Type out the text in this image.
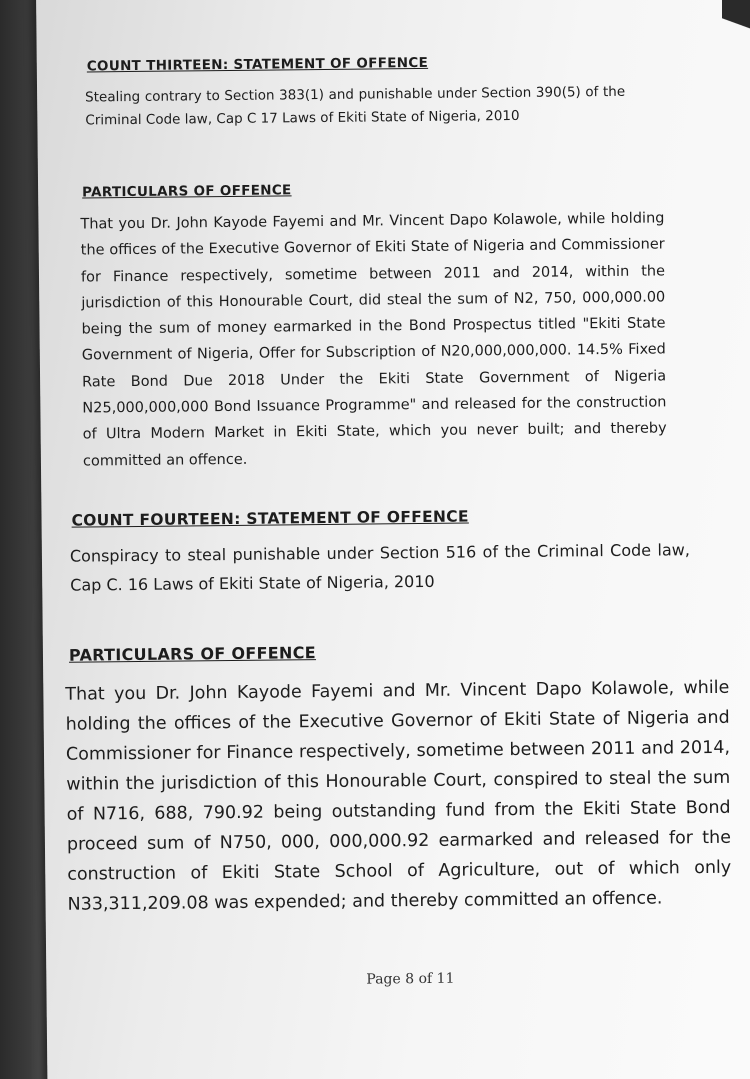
COUNT THIRTEEN: STATEMENT OF OFFENCE
Stealing contrary to Section 383(1) and punishable under Section 390(5) of the Criminal Code law, Cap C 17 Laws of Ekiti State of Nigeria, 2010
PARTICULARS OF OFFENCE
That you Dr. John Kayode Fayemi and Mr. Vincent Dapo Kolawole, while holding the offices of the Executive Governor of Ekiti State of Nigeria and Commissioner for Finance respectively, sometime between 2011 and 2014, within the jurisdiction of this Honourable Court, did steal the sum of N2, 750, 000,000.00 being the sum of money earmarked in the Bond Prospectus titled "Ekiti State Government of Nigeria, Offer for Subscription of N20,000,000,000. 14.5% Fixed Rate Bond Due 2018 Under the Ekiti State Government of Nigeria N25,000,000,000 Bond Issuance Programme" and released for the construction of Ultra Modern Market in Ekiti State, which you never built; and thereby committed an offence.
COUNT FOURTEEN: STATEMENT OF OFFENCE
Conspiracy to steal punishable under Section 516 of the Criminal Code law, Cap C. 16 Laws of Ekiti State of Nigeria, 2010
PARTICULARS OF OFFENCE
That you Dr. John Kayode Fayemi and Mr. Vincent Dapo Kolawole, while holding the offices of the Executive Governor of Ekiti State of Nigeria and Commissioner for Finance respectively, sometime between 2011 and 2014, within the jurisdiction of this Honourable Court, conspired to steal the sum of N716, 688, 790.92 being outstanding fund from the Ekiti State Bond proceed sum of N750, 000, 000,000.92 earmarked and released for the construction of Ekiti State School of Agriculture, out of which only N33,311,209.08 was expended; and thereby committed an offence.
Page 8 of 11
